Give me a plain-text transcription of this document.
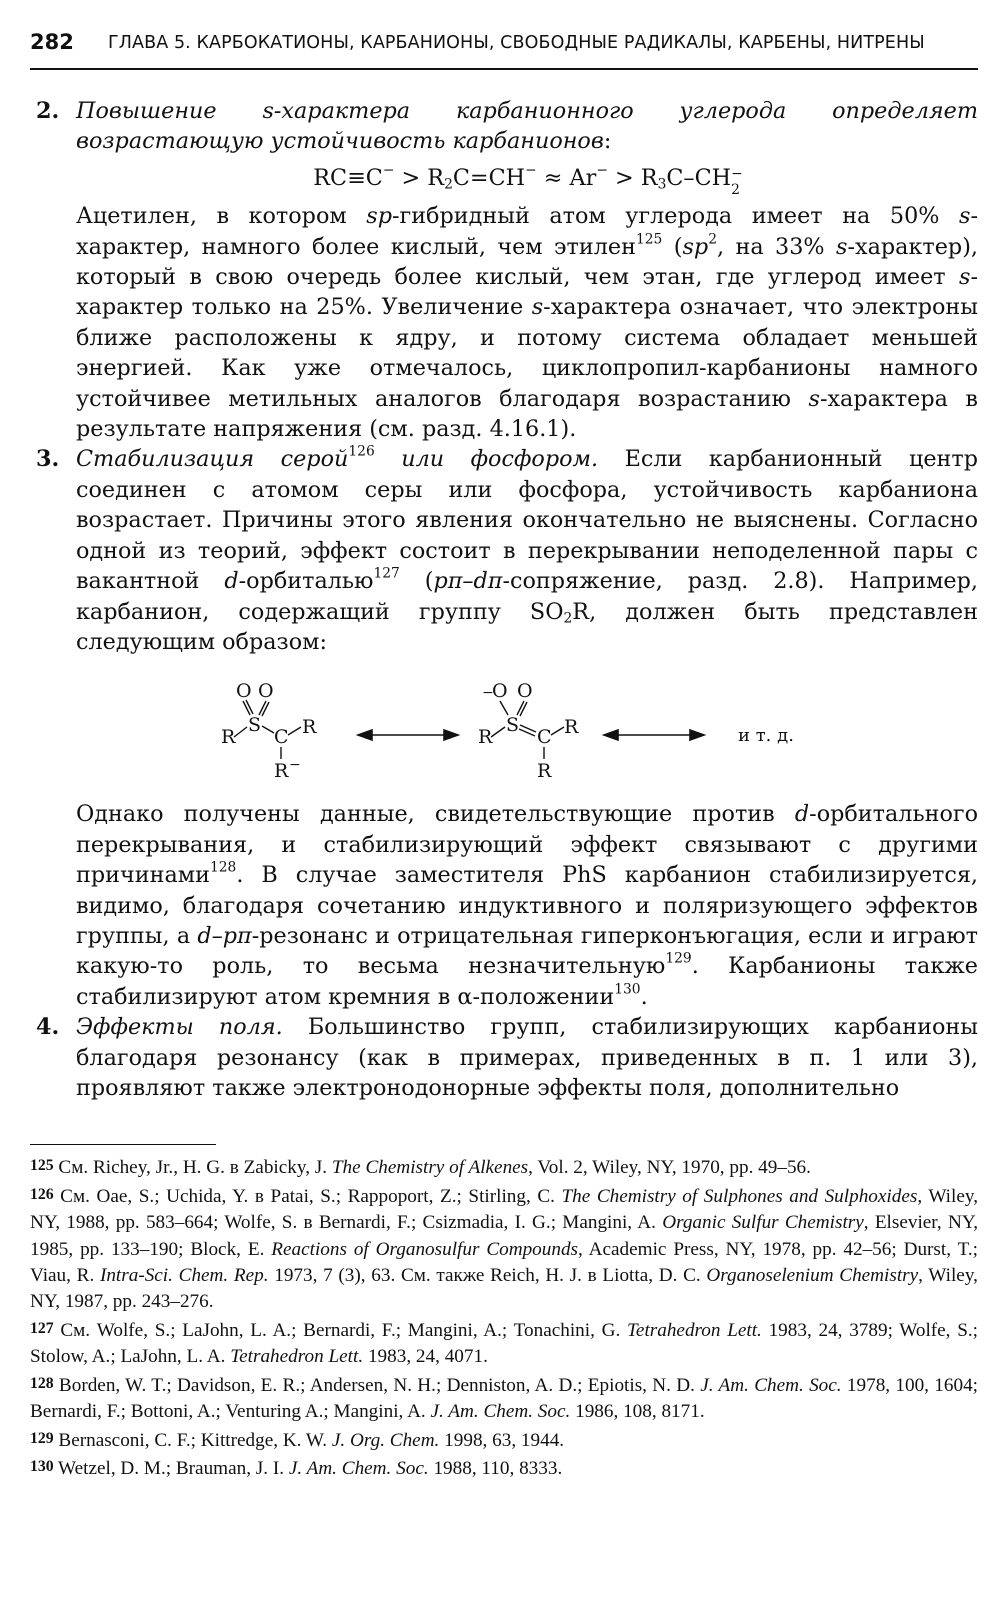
282 ГЛАВА 5. КАРБОКАТИОНЫ, КАРБАНИОНЫ, СВОБОДНЫЕ РАДИКАЛЫ, КАРБЕНЫ, НИТРЕНЫ
2. Повышение s-характера карбанионного углерода определяет возрастающую устойчивость карбанионов:

$RC\equiv C^- > R_2C=CH^- \approx Ar^- > R_3C-CH$ −
2

Ацетилен, в котором sp-гибридный атом углерода имеет на 50% s-характер, намного более кислый, чем этилен$^{125}$ ($sp^2$, на 33% s-характер), который в свою очередь более кислый, чем этан, где углерод имеет s-характер только на 25%. Увеличение s-характера означает, что электроны ближе расположены к ядру, и потому система обладает меньшей энергией. Как уже отмечалось, циклопропил-карбанионы намного устойчивее метильных аналогов благодаря возрастанию s-характера в результате напряжения (см. разд. 4.16.1).

3. Стабилизация серой$^{126}$ или фосфором. Если карбанионный центр соединен с атомом серы или фосфора, устойчивость карбаниона возрастает. Причины этого явления окончательно не выяснены. Согласно одной из теорий, эффект состоит в перекрывании неподеленной пары с вакантной d-орбиталью$^{127}$ (pπ–dπ-сопряжение, разд. 2.8). Например, карбанион, содержащий группу $SO_2R$, должен быть представлен следующим образом:

O O
S
C
R	R
R −
−
O O
S
C
R	R
R
и т. д.

Однако получены данные, свидетельствующие против d-орбитального перекрывания, и стабилизирующий эффект связывают с другими причинами$^{128}$. В случае заместителя PhS карбанион стабилизируется, видимо, благодаря сочетанию индуктивного и поляризующего эффектов группы, а d–pπ-резонанс и отрицательная гиперконъюгация, если и играют какую-то роль, то весьма незначительную$^{129}$. Карбанионы также стабилизируют атом кремния в α-положении$^{130}$.

4. Эффекты поля. Большинство групп, стабилизирующих карбанионы благодаря резонансу (как в примерах, приведенных в п. 1 или 3), проявляют также электронодонорные эффекты поля, дополнительно

125 См. Richey, Jr., H. G. в Zabicky, J. The Chemistry of Alkenes, Vol. 2, Wiley, NY, 1970, pp. 49–56.

126 См. Oae, S.; Uchida, Y. в Patai, S.; Rappoport, Z.; Stirling, C. The Chemistry of Sulphones and Sulphoxides, Wiley, NY, 1988, pp. 583–664; Wolfe, S. в Bernardi, F.; Csizmadia, I. G.; Mangini, A. Organic Sulfur Chemistry, Elsevier, NY, 1985, pp. 133–190; Block, E. Reactions of Organosulfur Compounds, Academic Press, NY, 1978, pp. 42–56; Durst, T.; Viau, R. Intra-Sci. Chem. Rep. 1973, 7 (3), 63. См. также Reich, H. J. в Liotta, D. C. Organoselenium Chemistry, Wiley, NY, 1987, pp. 243–276.

127 См. Wolfe, S.; LaJohn, L. A.; Bernardi, F.; Mangini, A.; Tonachini, G. Tetrahedron Lett. 1983, 24, 3789; Wolfe, S.; Stolow, A.; LaJohn, L. A. Tetrahedron Lett. 1983, 24, 4071.

128 Borden, W. T.; Davidson, E. R.; Andersen, N. H.; Denniston, A. D.; Epiotis, N. D. J. Am. Chem. Soc. 1978, 100, 1604; Bernardi, F.; Bottoni, A.; Venturing A.; Mangini, A. J. Am. Chem. Soc. 1986, 108, 8171.

129 Bernasconi, C. F.; Kittredge, K. W. J. Org. Chem. 1998, 63, 1944.

130 Wetzel, D. M.; Brauman, J. I. J. Am. Chem. Soc. 1988, 110, 8333.
